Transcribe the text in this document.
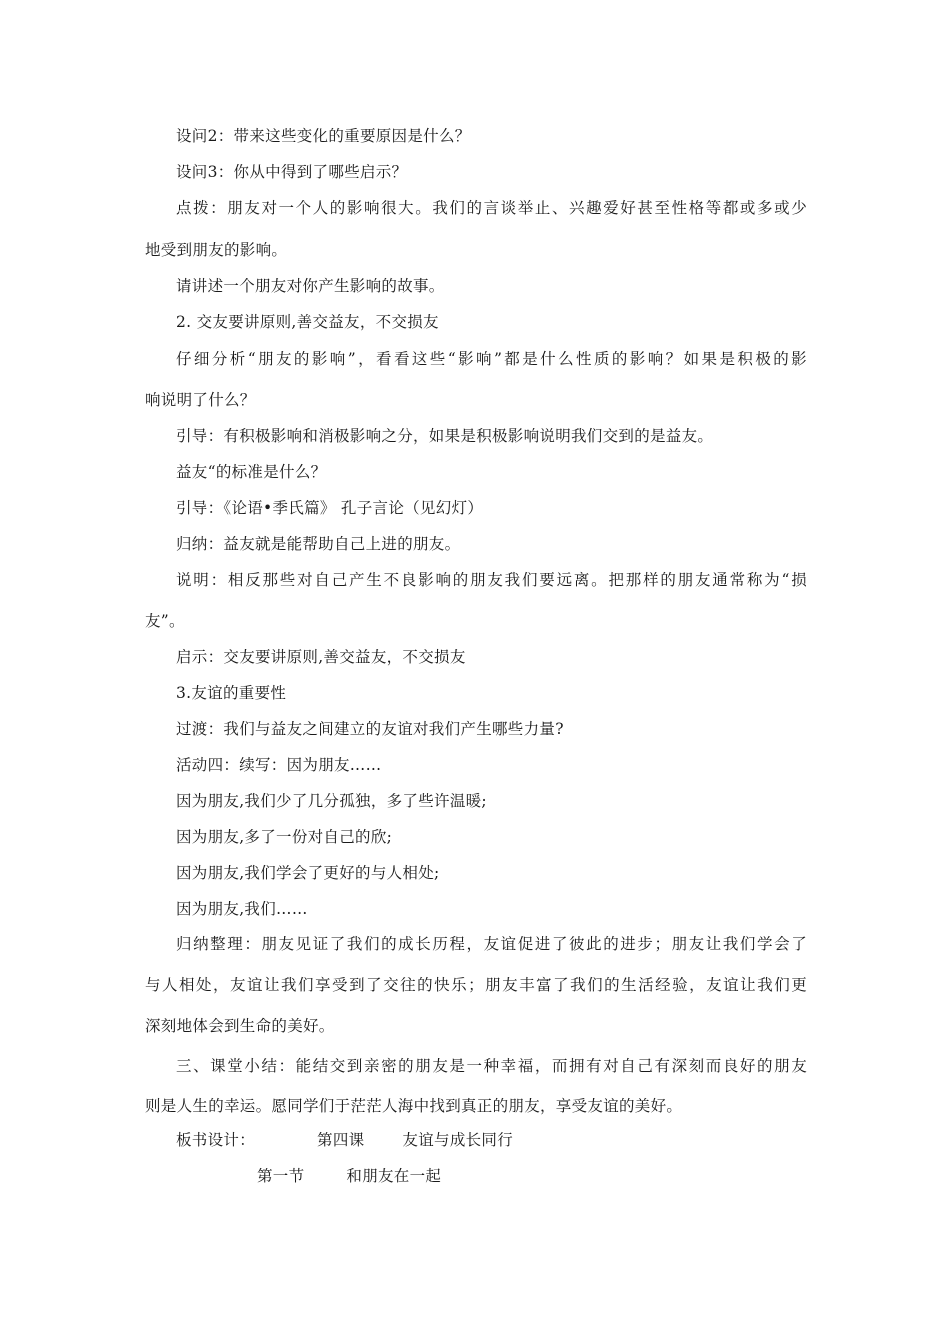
设问2：带来这些变化的重要原因是什么？
设问3：你从中得到了哪些启示？
点拨：朋友对一个人的影响很大。我们的言谈举止、兴趣爱好甚至性格等都或多或少
地受到朋友的影响。
请讲述一个朋友对你产生影响的故事。
2. 交友要讲原则,善交益友，不交损友
仔细分析“朋友的影响”，看看这些“影响”都是什么性质的影响？如果是积极的影
响说明了什么？
引导：有积极影响和消极影响之分，如果是积极影响说明我们交到的是益友。
益友“的标准是什么？
引导：《论语•季氏篇》 孔子言论（见幻灯）
归纳：益友就是能帮助自己上进的朋友。
说明：相反那些对自己产生不良影响的朋友我们要远离。把那样的朋友通常称为“损
友”。
启示：交友要讲原则,善交益友，不交损友
3.友谊的重要性
过渡：我们与益友之间建立的友谊对我们产生哪些力量?
活动四：续写：因为朋友……
因为朋友,我们少了几分孤独，多了些许温暖;
因为朋友,多了一份对自己的欣;
因为朋友,我们学会了更好的与人相处;
因为朋友,我们……
归纳整理：朋友见证了我们的成长历程，友谊促进了彼此的进步；朋友让我们学会了
与人相处，友谊让我们享受到了交往的快乐；朋友丰富了我们的生活经验，友谊让我们更
深刻地体会到生命的美好。
三、课堂小结：能结交到亲密的朋友是一种幸福，而拥有对自己有深刻而良好的朋友
则是人生的幸运。愿同学们于茫茫人海中找到真正的朋友，享受友谊的美好。
板书设计：	第四课 友谊与成长同行
第一节	和朋友在一起
